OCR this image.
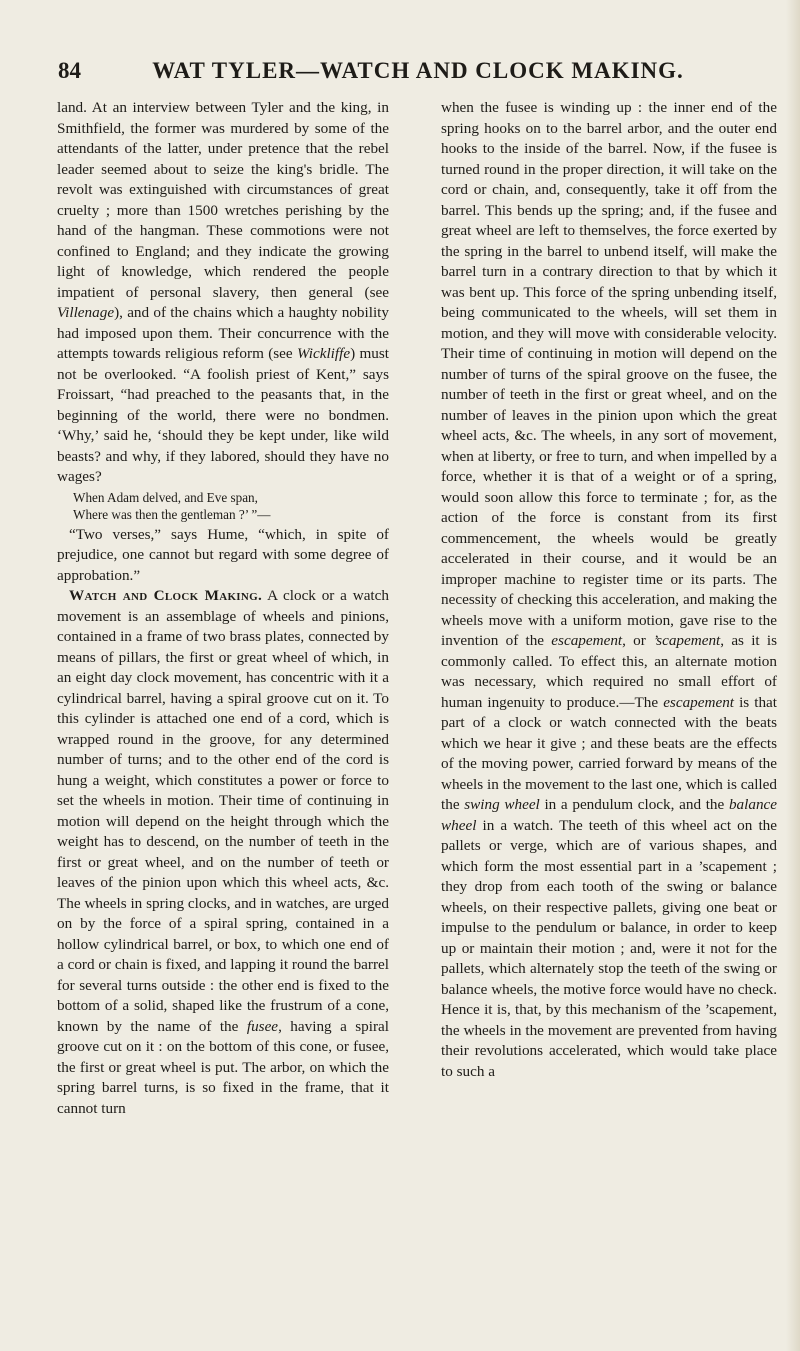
84	WAT TYLER—WATCH AND CLOCK MAKING.

land. At an interview between Tyler and the king, in Smithfield, the former was murdered by some of the attendants of the latter, under pretence that the rebel leader seemed about to seize the king's bridle. The revolt was extinguished with circumstances of great cruelty ; more than 1500 wretches perishing by the hand of the hangman. These commotions were not confined to England; and they indicate the growing light of knowledge, which rendered the people impatient of personal slavery, then general (see Villenage), and of the chains which a haughty nobility had imposed upon them. Their concurrence with the attempts towards religious reform (see Wickliffe) must not be overlooked. “A foolish priest of Kent,” says Froissart, “had preached to the peasants that, in the beginning of the world, there were no bondmen. ‘Why,’ said he, ‘should they be kept under, like wild beasts? and why, if they labored, should they have no wages?

When Adam delved, and Eve span,
Where was then the gentleman ?’ ”—

“Two verses,” says Hume, “which, in spite of prejudice, one cannot but regard with some degree of approbation.”

Watch and Clock Making. A clock or a watch movement is an assemblage of wheels and pinions, contained in a frame of two brass plates, connected by means of pillars, the first or great wheel of which, in an eight day clock movement, has concentric with it a cylindrical barrel, having a spiral groove cut on it. To this cylinder is attached one end of a cord, which is wrapped round in the groove, for any determined number of turns; and to the other end of the cord is hung a weight, which constitutes a power or force to set the wheels in motion. Their time of continuing in motion will depend on the height through which the weight has to descend, on the number of teeth in the first or great wheel, and on the number of teeth or leaves of the pinion upon which this wheel acts, &c. The wheels in spring clocks, and in watches, are urged on by the force of a spiral spring, contained in a hollow cylindrical barrel, or box, to which one end of a cord or chain is fixed, and lapping it round the barrel for several turns outside : the other end is fixed to the bottom of a solid, shaped like the frustrum of a cone, known by the name of the fusee, having a spiral groove cut on it : on the bottom of this cone, or fusee, the first or great wheel is put. The arbor, on which the spring barrel turns, is so fixed in the frame, that it cannot turn

when the fusee is winding up : the inner end of the spring hooks on to the barrel arbor, and the outer end hooks to the inside of the barrel. Now, if the fusee is turned round in the proper direction, it will take on the cord or chain, and, consequently, take it off from the barrel. This bends up the spring; and, if the fusee and great wheel are left to themselves, the force exerted by the spring in the barrel to unbend itself, will make the barrel turn in a contrary direction to that by which it was bent up. This force of the spring unbending itself, being communicated to the wheels, will set them in motion, and they will move with considerable velocity. Their time of continuing in motion will depend on the number of turns of the spiral groove on the fusee, the number of teeth in the first or great wheel, and on the number of leaves in the pinion upon which the great wheel acts, &c. The wheels, in any sort of movement, when at liberty, or free to turn, and when impelled by a force, whether it is that of a weight or of a spring, would soon allow this force to terminate ; for, as the action of the force is constant from its first commencement, the wheels would be greatly accelerated in their course, and it would be an improper machine to register time or its parts. The necessity of checking this acceleration, and making the wheels move with a uniform motion, gave rise to the invention of the escapement, or ’scapement, as it is commonly called. To effect this, an alternate motion was necessary, which required no small effort of human ingenuity to produce.—The escapement is that part of a clock or watch connected with the beats which we hear it give ; and these beats are the effects of the moving power, carried forward by means of the wheels in the movement to the last one, which is called the swing wheel in a pendulum clock, and the balance wheel in a watch. The teeth of this wheel act on the pallets or verge, which are of various shapes, and which form the most essential part in a ’scapement ; they drop from each tooth of the swing or balance wheels, on their respective pallets, giving one beat or impulse to the pendulum or balance, in order to keep up or maintain their motion ; and, were it not for the pallets, which alternately stop the teeth of the swing or balance wheels, the motive force would have no check. Hence it is, that, by this mechanism of the ’scapement, the wheels in the movement are prevented from having their revolutions accelerated, which would take place to such a
